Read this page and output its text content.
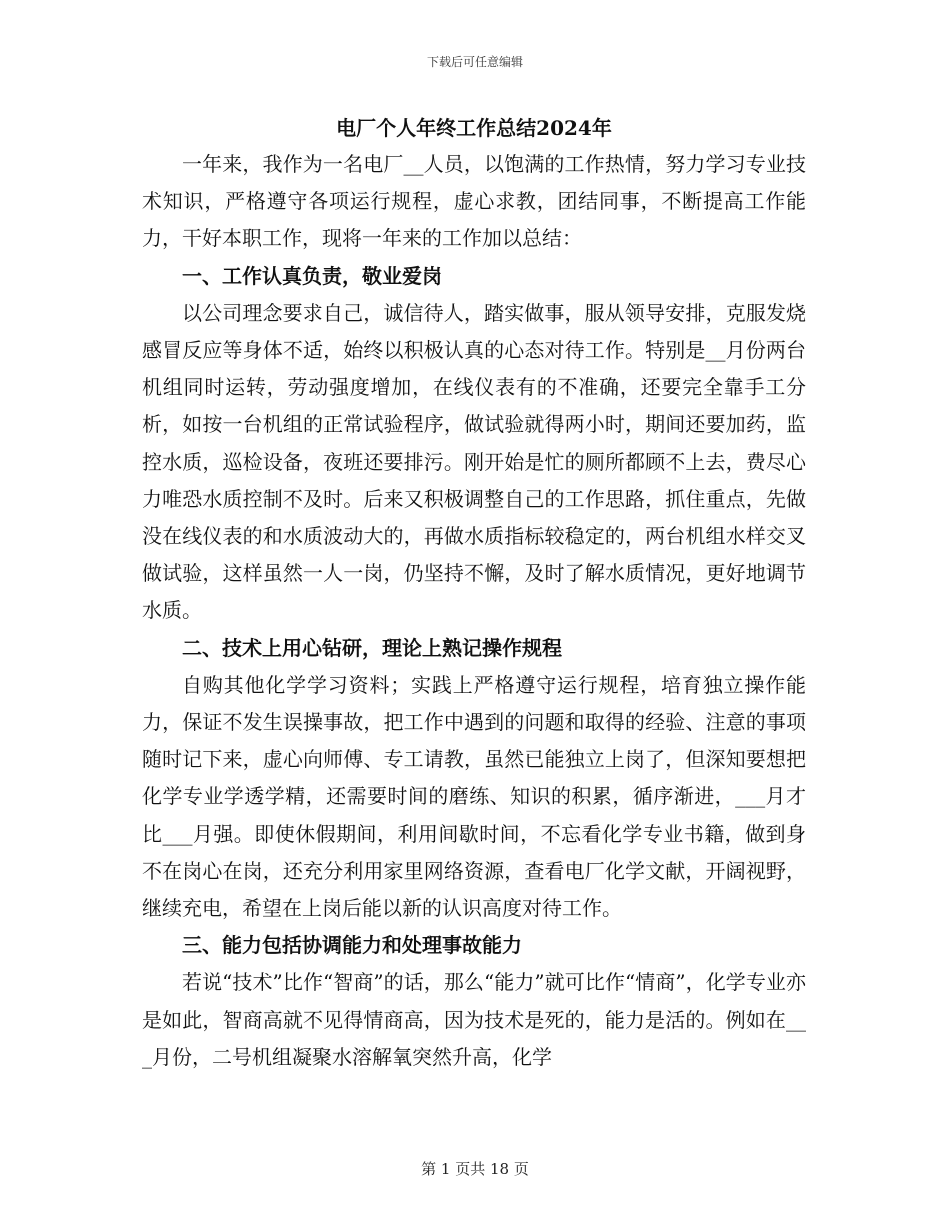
下载后可任意编辑

电厂个人年终工作总结2024年

一年来，我作为一名电厂__人员，以饱满的工作热情，努力学习专业技术知识，严格遵守各项运行规程，虚心求教，团结同事，不断提高工作能力，干好本职工作，现将一年来的工作加以总结：

一、工作认真负责，敬业爱岗

以公司理念要求自己，诚信待人，踏实做事，服从领导安排，克服发烧感冒反应等身体不适，始终以积极认真的心态对待工作。特别是__月份两台机组同时运转，劳动强度增加，在线仪表有的不准确，还要完全靠手工分析，如按一台机组的正常试验程序，做试验就得两小时，期间还要加药，监控水质，巡检设备，夜班还要排污。刚开始是忙的厕所都顾不上去，费尽心力唯恐水质控制不及时。后来又积极调整自己的工作思路，抓住重点，先做没在线仪表的和水质波动大的，再做水质指标较稳定的，两台机组水样交叉做试验，这样虽然一人一岗，仍坚持不懈，及时了解水质情况，更好地调节水质。

二、技术上用心钻研，理论上熟记操作规程

自购其他化学学习资料；实践上严格遵守运行规程，培育独立操作能力，保证不发生误操事故，把工作中遇到的问题和取得的经验、注意的事项随时记下来，虚心向师傅、专工请教，虽然已能独立上岗了，但深知要想把化学专业学透学精，还需要时间的磨练、知识的积累，循序渐进，___月才比___月强。即使休假期间，利用间歇时间，不忘看化学专业书籍，做到身不在岗心在岗，还充分利用家里网络资源，查看电厂化学文献，开阔视野，继续充电，希望在上岗后能以新的认识高度对待工作。

三、能力包括协调能力和处理事故能力

若说“技术”比作“智商”的话，那么“能力”就可比作“情商”，化学专业亦是如此，智商高就不见得情商高，因为技术是死的，能力是活的。例如在___月份，二号机组凝聚水溶解氧突然升高，化学

第 1 页共 18 页
